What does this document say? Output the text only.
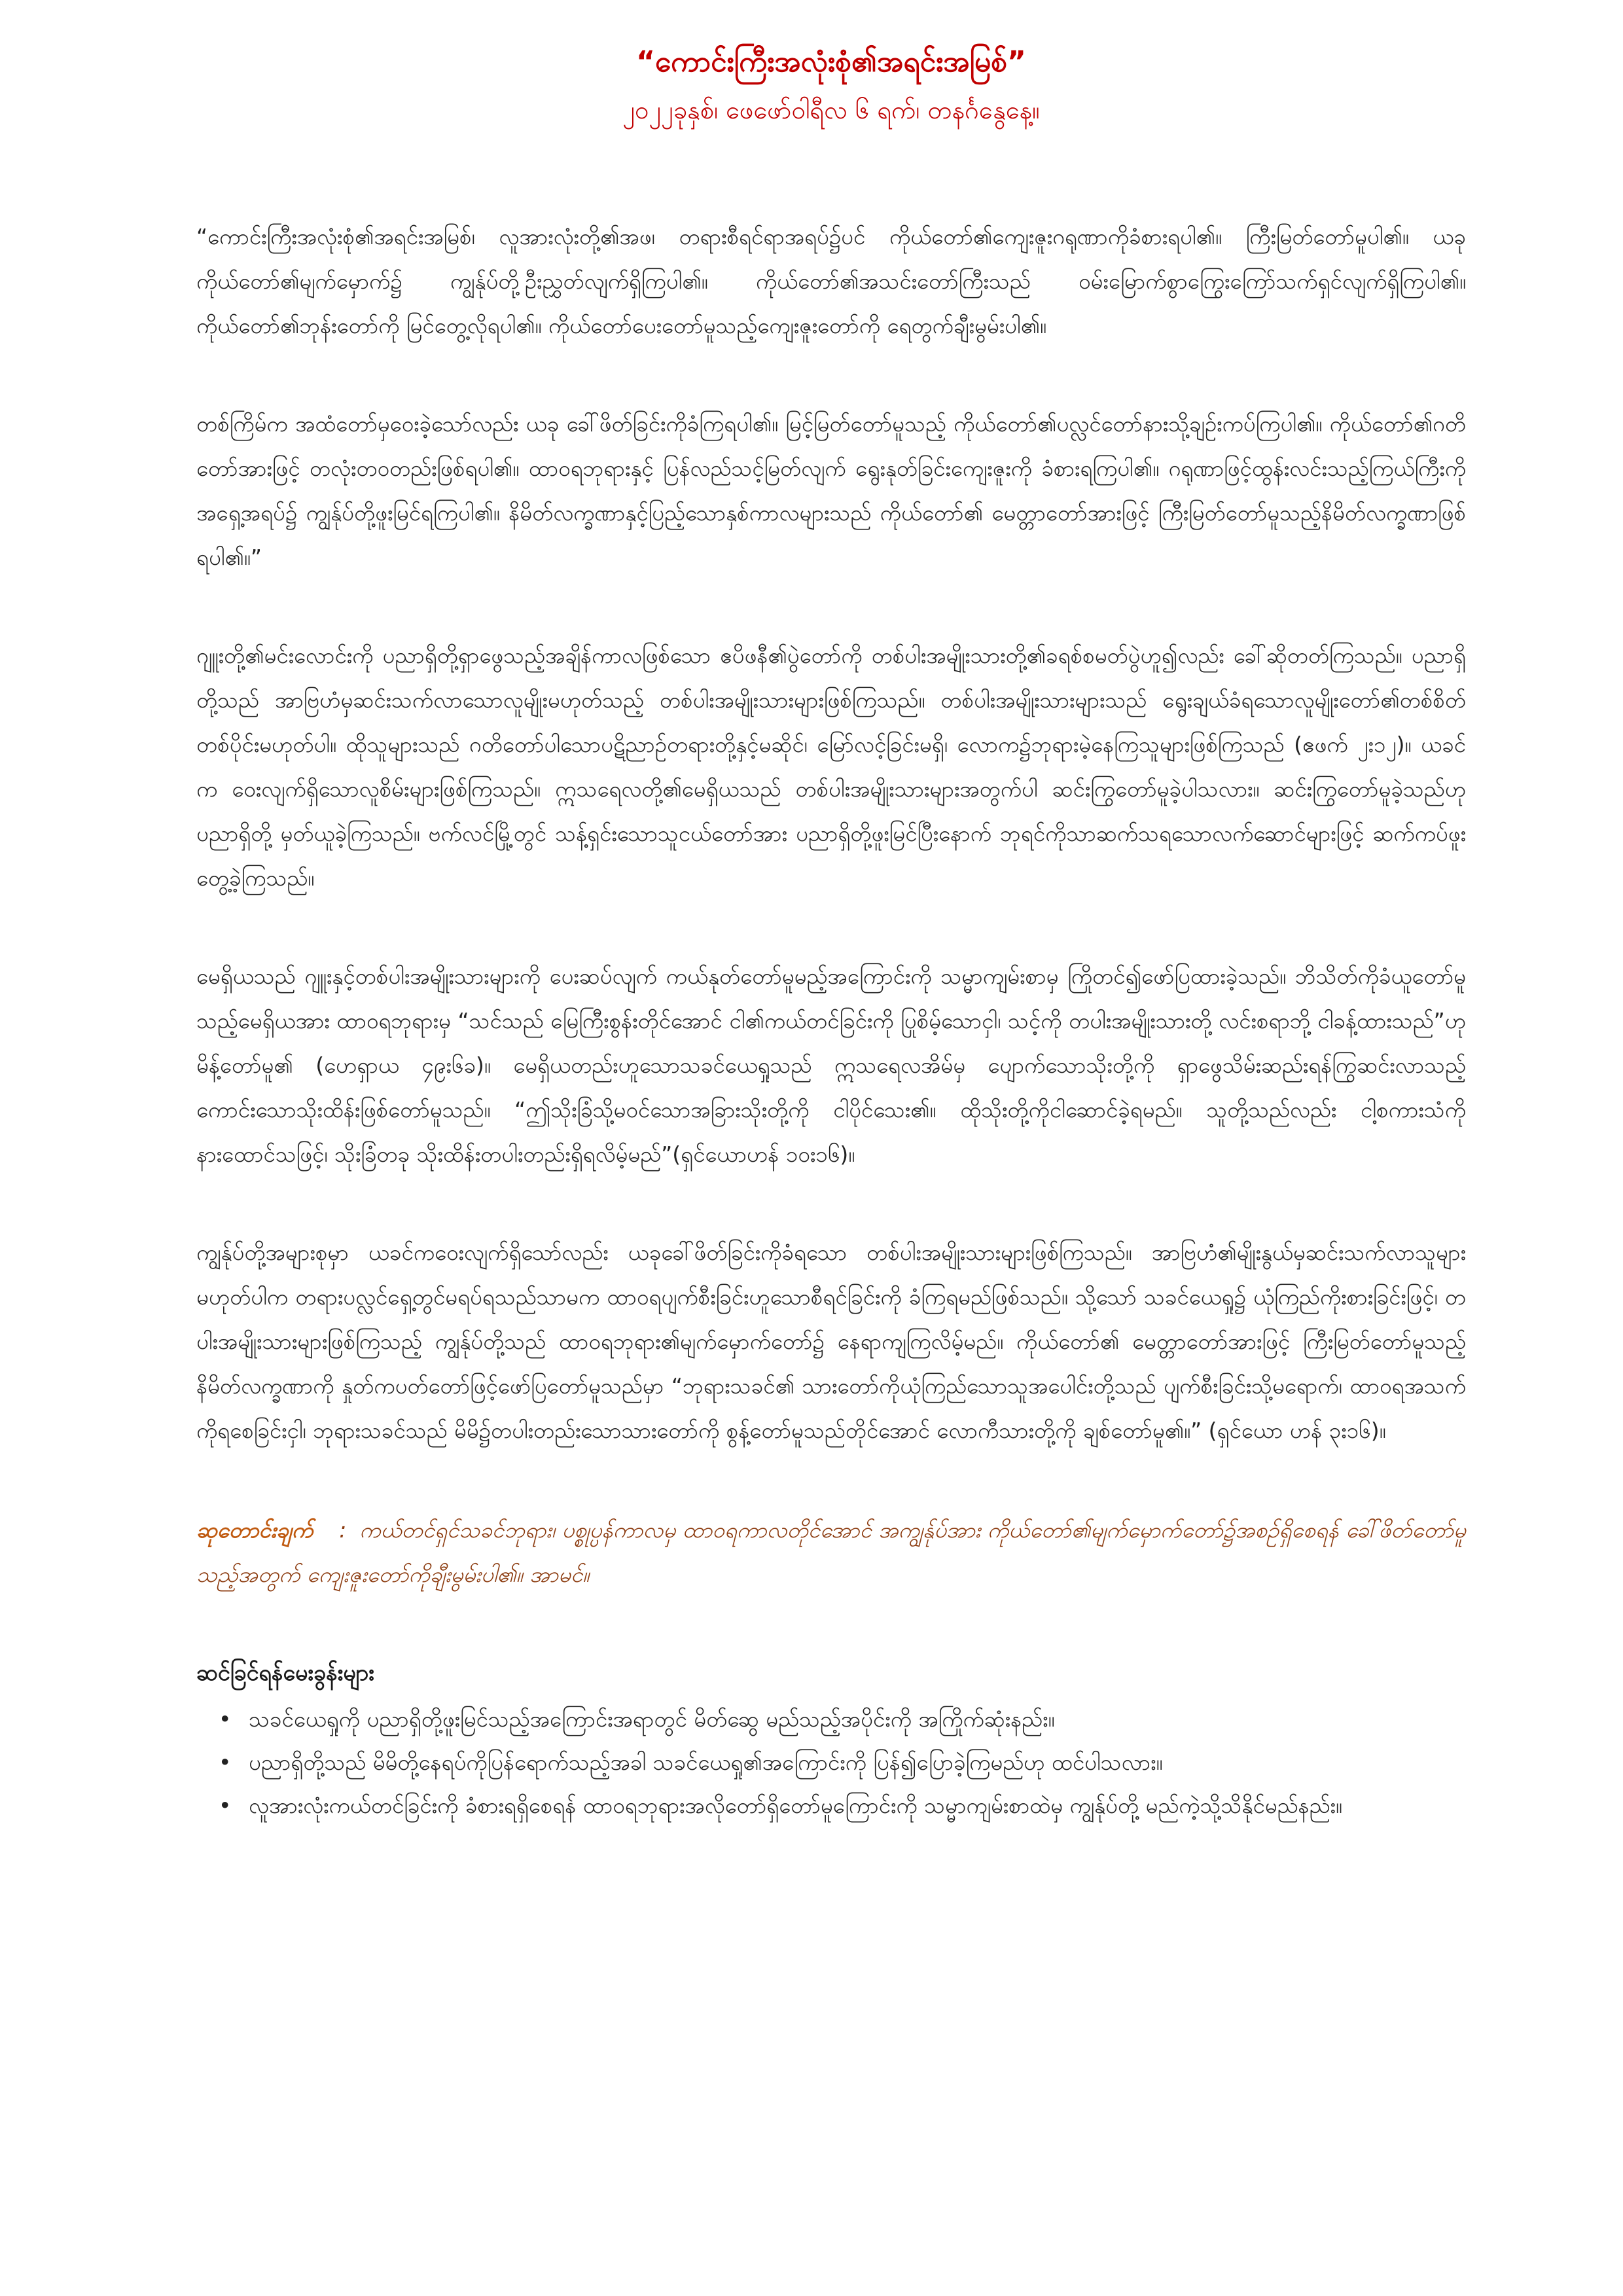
“ကောင်းကြီးအလုံးစုံ၏အရင်းအမြစ်”
၂၀၂၂ခုနှစ်၊ ဖေဖော်ဝါရီလ ၆ ရက်၊ တနင်္ဂနွေနေ့။

“ကောင်းကြီးအလုံးစုံ၏အရင်းအမြစ်၊ လူအားလုံးတို့၏အဖ၊ တရားစီရင်ရာအရပ်၌ပင် ကိုယ်တော်၏ကျေးဇူးဂရုဏာကိုခံစားရပါ၏။ ကြီးမြတ်တော်မူပါ၏။ ယခု ကိုယ်တော်၏မျက်မှောက်၌ ကျွန်ုပ်တို့ဦးညွှတ်လျက်ရှိကြပါ၏။ ကိုယ်တော်၏အသင်းတော်ကြီးသည် ဝမ်းမြောက်စွာကြွေးကြော်သက်ရှင်လျက်ရှိကြပါ၏။ ကိုယ်တော်၏ဘုန်းတော်ကို မြင်တွေ့လိုရပါ၏။ ကိုယ်တော်ပေးတော်မူသည့်ကျေးဇူးတော်ကို ရေတွက်ချီးမွမ်းပါ၏။

တစ်ကြိမ်က အထံတော်မှဝေးခဲ့သော်လည်း ယခု ခေါ်ဖိတ်ခြင်းကိုခံကြရပါ၏။ မြင့်မြတ်တော်မူသည့် ကိုယ်တော်၏ပလ္လင်တော်နားသို့ချဉ်းကပ်ကြပါ၏။ ကိုယ်တော်၏ဂတိတော်အားဖြင့် တလုံးတဝတည်းဖြစ်ရပါ၏။ ထာဝရဘုရားနှင့် ပြန်လည်သင့်မြတ်လျက် ရွေးနုတ်ခြင်းကျေးဇူးကို ခံစားရကြပါ၏။ ဂရုဏာဖြင့်ထွန်းလင်းသည့်ကြယ်ကြီးကို အရှေ့အရပ်၌ ကျွန်ုပ်တို့ဖူးမြင်ရကြပါ၏။ နိမိတ်လက္ခဏာနှင့်ပြည့်သောနှစ်ကာလများသည် ကိုယ်တော်၏ မေတ္တာတော်အားဖြင့် ကြီးမြတ်တော်မူသည့်နိမိတ်လက္ခဏာဖြစ်ရပါ၏။”

ဂျူးတို့၏မင်းလောင်းကို ပညာရှိတို့ရှာဖွေသည့်အချိန်ကာလဖြစ်သော ဧပိဖနီ၏ပွဲတော်ကို တစ်ပါးအမျိုးသားတို့၏ခရစ်စမတ်ပွဲဟူ၍လည်း ခေါ်ဆိုတတ်ကြသည်။ ပညာရှိတို့သည် အာဗြဟံမှဆင်းသက်လာသောလူမျိုးမဟုတ်သည့် တစ်ပါးအမျိုးသားများဖြစ်ကြသည်။ တစ်ပါးအမျိုးသားများသည် ရွေးချယ်ခံရသောလူမျိုးတော်၏တစ်စိတ်တစ်ပိုင်းမဟုတ်ပါ။ ထိုသူများသည် ဂတိတော်ပါသောပဋိညာဉ်တရားတို့နှင့်မဆိုင်၊ မြော်လင့်ခြင်းမရှိ၊ လောက၌ဘုရားမဲ့နေကြသူများဖြစ်ကြသည် (ဧဖက် ၂း၁၂)။ ယခင်က ဝေးလျက်ရှိသောလူစိမ်းများဖြစ်ကြသည်။ ဣသရေလတို့၏မေရှိယသည် တစ်ပါးအမျိုးသားများအတွက်ပါ ဆင်းကြွတော်မူခဲ့ပါသလား။ ဆင်းကြွတော်မူခဲ့သည်ဟု ပညာရှိတို့ မှတ်ယူခဲ့ကြသည်။ ဗက်လင်မြို့တွင် သန့်ရှင်းသောသူငယ်တော်အား ပညာရှိတို့ဖူးမြင်ပြီးနောက် ဘုရင်ကိုသာဆက်သရသောလက်ဆောင်များဖြင့် ဆက်ကပ်ဖူးတွေ့ခဲ့ကြသည်။

မေရှိယသည် ဂျူးနှင့်တစ်ပါးအမျိုးသားများကို ပေးဆပ်လျက် ကယ်နုတ်တော်မူမည့်အကြောင်းကို သမ္မာကျမ်းစာမှ ကြိုတင်၍ဖော်ပြထားခဲ့သည်။ ဘိသိတ်ကိုခံယူတော်မူသည့်မေရှိယအား ထာဝရဘုရားမှ “သင်သည် မြေကြီးစွန်းတိုင်အောင် ငါ၏ကယ်တင်ခြင်းကို ပြုစိမ့်သောငှါ၊ သင့်ကို တပါးအမျိုးသားတို့ လင်းစရာဘို့ ငါခန့်ထားသည်”ဟုမိန့်တော်မူ၏ (ဟေရှာယ ၄၉း၆ခ)။ မေရှိယတည်းဟူသောသခင်ယေရှုသည် ဣသရေလအိမ်မှ ပျောက်သောသိုးတို့ကို ရှာဖွေသိမ်းဆည်းရန်ကြွဆင်းလာသည့် ကောင်းသောသိုးထိန်းဖြစ်တော်မူသည်။ “ဤသိုးခြံသို့မဝင်သောအခြားသိုးတို့ကို ငါပိုင်သေး၏။ ထိုသိုးတို့ကိုငါဆောင်ခဲ့ရမည်။ သူတို့သည်လည်း ငါ့စကားသံကို နားထောင်သဖြင့်၊ သိုးခြံတခု သိုးထိန်းတပါးတည်းရှိရလိမ့်မည်”(ရှင်ယောဟန် ၁၀း၁၆)။

ကျွန်ုပ်တို့အများစုမှာ ယခင်ကဝေးလျက်ရှိသော်လည်း ယခုခေါ်ဖိတ်ခြင်းကိုခံရသော တစ်ပါးအမျိုးသားများဖြစ်ကြသည်။ အာဗြဟံ၏မျိုးနွယ်မှဆင်းသက်လာသူများမဟုတ်ပါက တရားပလ္လင်ရှေ့တွင်မရပ်ရသည်သာမက ထာဝရပျက်စီးခြင်းဟူသောစီရင်ခြင်းကို ခံကြရမည်ဖြစ်သည်။ သို့သော် သခင်ယေရှု၌ ယုံကြည်ကိုးစားခြင်းဖြင့်၊ တပါးအမျိုးသားများဖြစ်ကြသည့် ကျွန်ုပ်တို့သည် ထာဝရဘုရား၏မျက်မှောက်တော်၌ နေရာကျကြလိမ့်မည်။ ကိုယ်တော်၏ မေတ္တာတော်အားဖြင့် ကြီးမြတ်တော်မူသည့်နိမိတ်လက္ခဏာကို နှုတ်ကပတ်တော်ဖြင့်ဖော်ပြတော်မူသည်မှာ “ဘုရားသခင်၏ သားတော်ကိုယုံကြည်သောသူအပေါင်းတို့သည် ပျက်စီးခြင်းသို့မရောက်၊ ထာဝရအသက်ကိုရစေခြင်းငှါ၊ ဘုရားသခင်သည် မိမိ၌တပါးတည်းသောသားတော်ကို စွန့်တော်မူသည်တိုင်အောင် လောကီသားတို့ကို ချစ်တော်မူ၏။” (ရှင်ယော ဟန် ၃း၁၆)။

ဆုတောင်းချက် : ကယ်တင်ရှင်သခင်ဘုရား၊ ပစ္စုပ္ပန်ကာလမှ ထာဝရကာလတိုင်အောင် အကျွန်ုပ်အား ကိုယ်တော်၏မျက်မှောက်တော်၌အစဉ်ရှိစေရန် ခေါ်ဖိတ်တော်မူသည့်အတွက် ကျေးဇူးတော်ကိုချီးမွမ်းပါ၏။ အာမင်။
ဆင်ခြင်ရန်မေးခွန်းများ
• သခင်ယေရှုကို ပညာရှိတို့ဖူးမြင်သည့်အကြောင်းအရာတွင် မိတ်ဆွေ မည်သည့်အပိုင်းကို အကြိုက်ဆုံးနည်း။
• ပညာရှိတို့သည် မိမိတို့နေရပ်ကိုပြန်ရောက်သည့်အခါ သခင်ယေရှု၏အကြောင်းကို ပြန်၍ပြောခဲ့ကြမည်ဟု ထင်ပါသလား။
• လူအားလုံးကယ်တင်ခြင်းကို ခံစားရရှိစေရန် ထာဝရဘုရားအလိုတော်ရှိတော်မူကြောင်းကို သမ္မာကျမ်းစာထဲမှ ကျွန်ုပ်တို့ မည်ကဲ့သို့သိနိုင်မည်နည်း။
